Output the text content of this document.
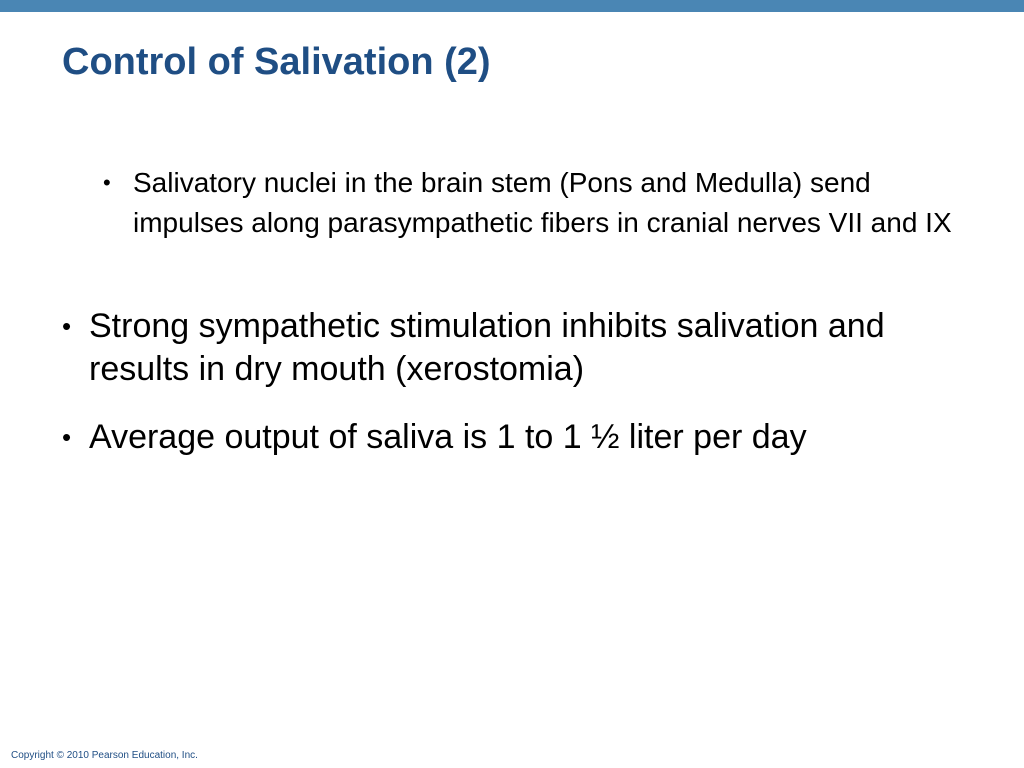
Control of Salivation (2)
• Salivatory nuclei in the brain stem (Pons and Medulla) send impulses along parasympathetic fibers in cranial nerves VII and IX
• Strong sympathetic stimulation inhibits salivation and results in dry mouth (xerostomia)
• Average output of saliva is 1 to 1 ½ liter per day
Copyright © 2010 Pearson Education, Inc.
